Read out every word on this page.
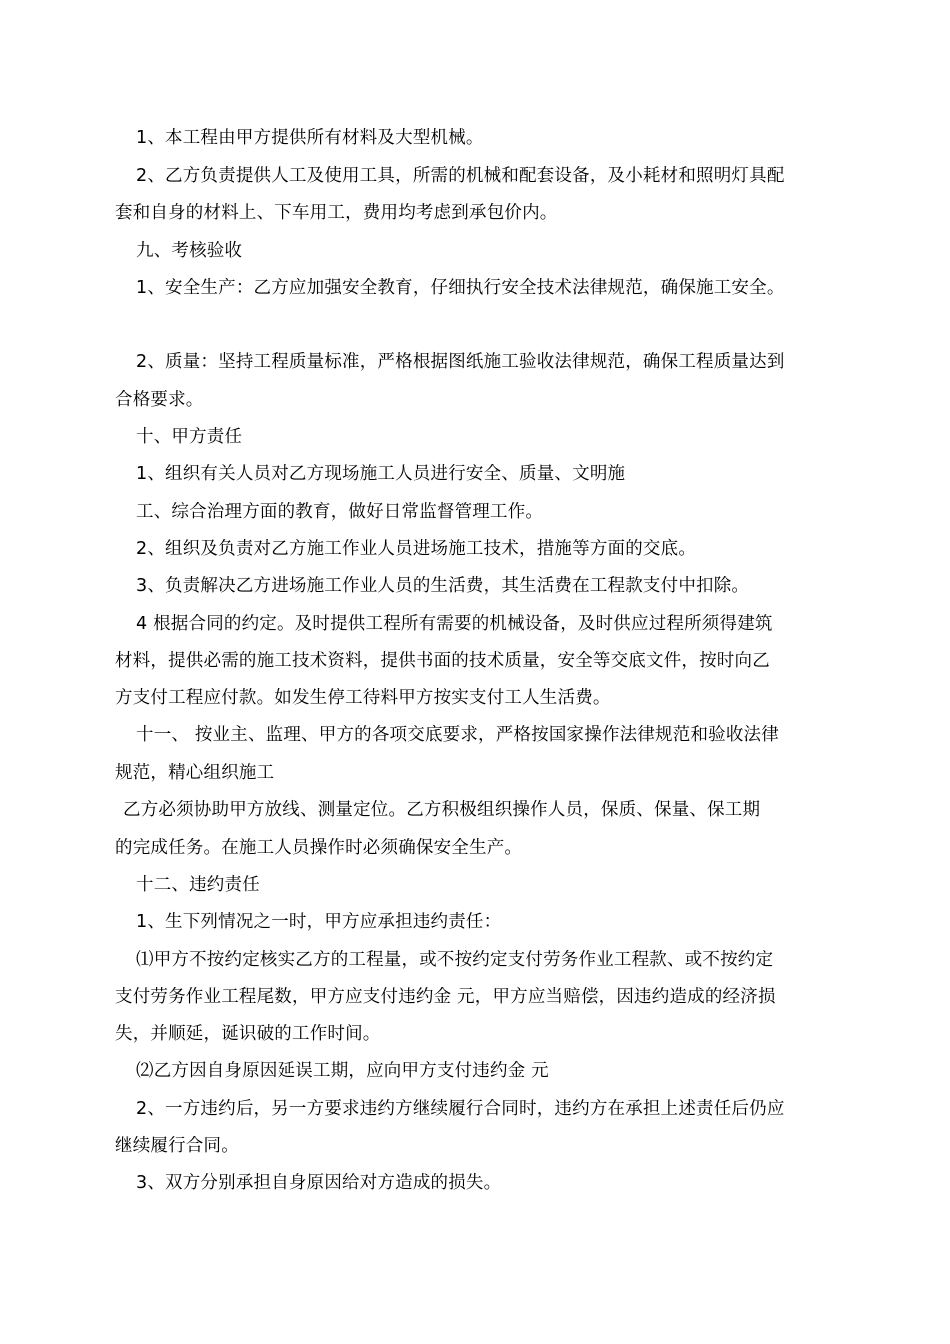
1、本工程由甲方提供所有材料及大型机械。
2、乙方负责提供人工及使用工具，所需的机械和配套设备，及小耗材和照明灯具配
套和自身的材料上、下车用工，费用均考虑到承包价内。
九、考核验收
1、安全生产：乙方应加强安全教育，仔细执行安全技术法律规范，确保施工安全。
2、质量：坚持工程质量标准，严格根据图纸施工验收法律规范，确保工程质量达到
合格要求。
十、甲方责任
1、组织有关人员对乙方现场施工人员进行安全、质量、文明施
工、综合治理方面的教育，做好日常监督管理工作。
2、组织及负责对乙方施工作业人员进场施工技术，措施等方面的交底。
3、负责解决乙方进场施工作业人员的生活费，其生活费在工程款支付中扣除。
4 根据合同的约定。及时提供工程所有需要的机械设备，及时供应过程所须得建筑
材料，提供必需的施工技术资料，提供书面的技术质量，安全等交底文件，按时向乙
方支付工程应付款。如发生停工待料甲方按实支付工人生活费。
十一、 按业主、监理、甲方的各项交底要求，严格按国家操作法律规范和验收法律
规范，精心组织施工
乙方必须协助甲方放线、测量定位。乙方积极组织操作人员，保质、保量、保工期
的完成任务。在施工人员操作时必须确保安全生产。
十二、违约责任
1、生下列情况之一时，甲方应承担违约责任：
⑴甲方不按约定核实乙方的工程量，或不按约定支付劳务作业工程款、或不按约定
支付劳务作业工程尾数，甲方应支付违约金 元，甲方应当赔偿，因违约造成的经济损
失，并顺延，诞识破的工作时间。
⑵乙方因自身原因延误工期，应向甲方支付违约金 元
2、一方违约后，另一方要求违约方继续履行合同时，违约方在承担上述责任后仍应
继续履行合同。
3、双方分别承担自身原因给对方造成的损失。
